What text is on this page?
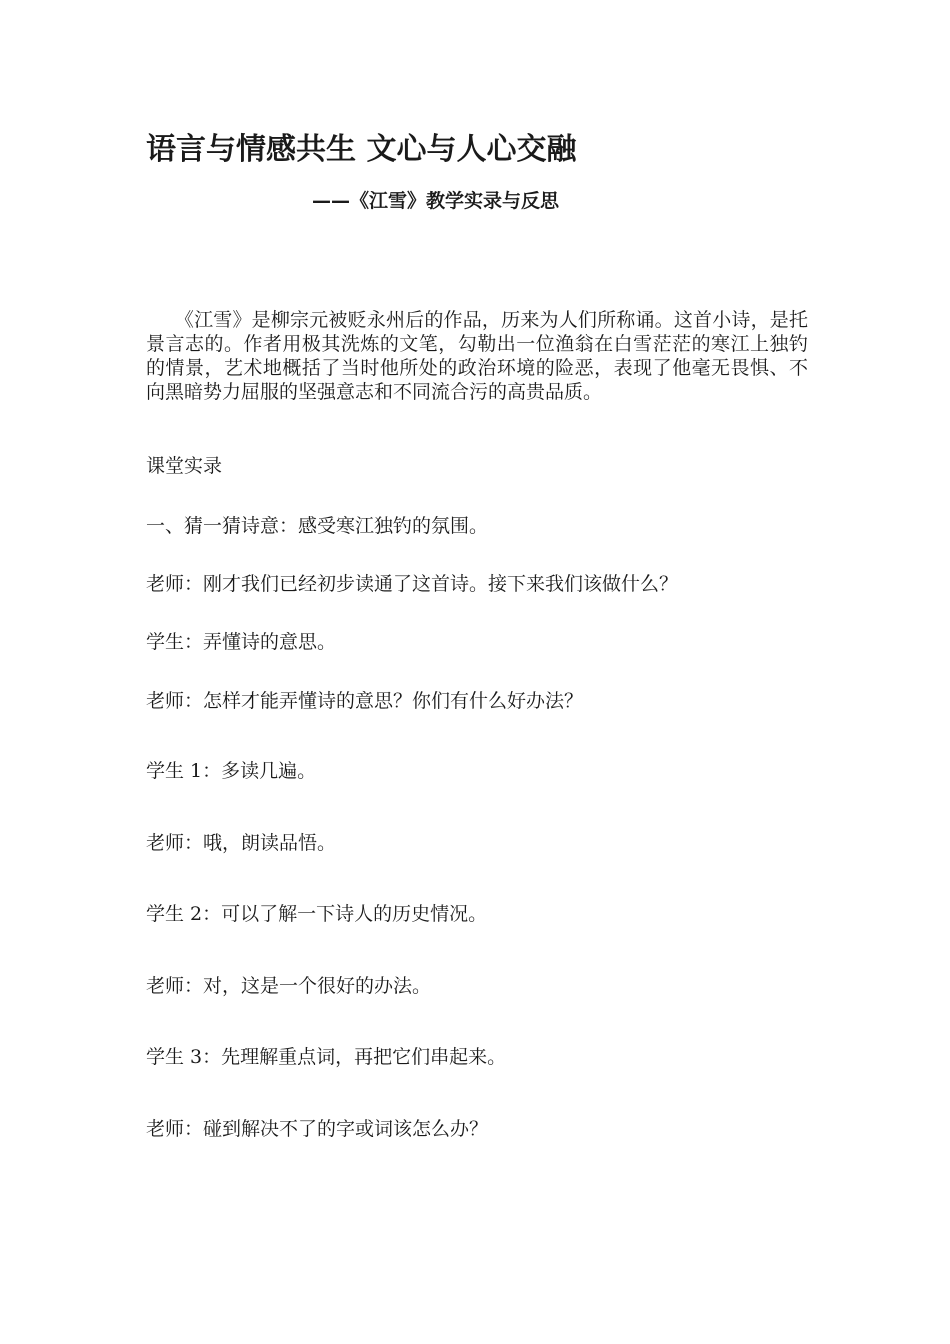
语言与情感共生 文心与人心交融
——《江雪》教学实录与反思

　　《江雪》是柳宗元被贬永州后的作品，历来为人们所称诵。这首小诗，是托景言志的。作者用极其洗炼的文笔，勾勒出一位渔翁在白雪茫茫的寒江上独钓的情景，艺术地概括了当时他所处的政治环境的险恶，表现了他毫无畏惧、不向黑暗势力屈服的坚强意志和不同流合污的高贵品质。

课堂实录

一、猜一猜诗意：感受寒江独钓的氛围。

老师：刚才我们已经初步读通了这首诗。接下来我们该做什么？

学生：弄懂诗的意思。

老师：怎样才能弄懂诗的意思？你们有什么好办法？

学生 1：多读几遍。

老师：哦，朗读品悟。

学生 2：可以了解一下诗人的历史情况。

老师：对，这是一个很好的办法。

学生 3：先理解重点词，再把它们串起来。

老师：碰到解决不了的字或词该怎么办？
